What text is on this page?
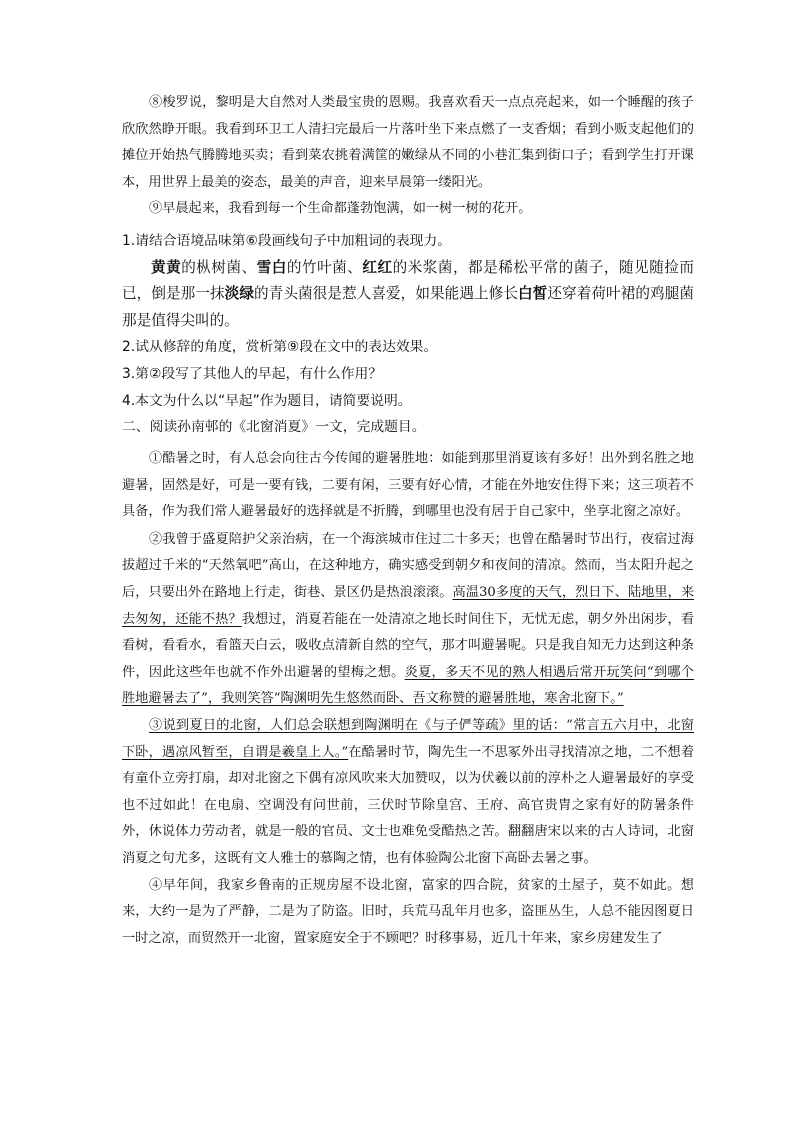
⑧梭罗说，黎明是大自然对人类最宝贵的恩赐。我喜欢看天一点点亮起来，如一个睡醒的孩子欣欣然睁开眼。我看到环卫工人清扫完最后一片落叶坐下来点燃了一支香烟；看到小贩支起他们的摊位开始热气腾腾地买卖；看到菜农挑着满筐的嫩绿从不同的小巷汇集到街口子；看到学生打开课本，用世界上最美的姿态，最美的声音，迎来早晨第一缕阳光。

⑨早晨起来，我看到每一个生命都蓬勃饱满，如一树一树的花开。

1.请结合语境品味第⑥段画线句子中加粗词的表现力。

黄黄的枞树菌、雪白的竹叶菌、红红的米浆菌，都是稀松平常的菌子，随见随捡而已，倒是那一抹淡绿的青头菌很是惹人喜爱，如果能遇上修长白皙还穿着荷叶裙的鸡腿菌那是值得尖叫的。

2.试从修辞的角度，赏析第⑨段在文中的表达效果。

3.第②段写了其他人的早起，有什么作用？

4.本文为什么以“早起”作为题目，请简要说明。

二、阅读孙南邨的《北窗消夏》一文，完成题目。

①酷暑之时，有人总会向往古今传闻的避暑胜地：如能到那里消夏该有多好！出外到名胜之地避暑，固然是好，可是一要有钱，二要有闲，三要有好心情，才能在外地安住得下来；这三项若不具备，作为我们常人避暑最好的选择就是不折腾，到哪里也没有居于自己家中，坐享北窗之凉好。

②我曾于盛夏陪护父亲治病，在一个海滨城市住过二十多天；也曾在酷暑时节出行，夜宿过海拔超过千米的“天然氧吧”高山，在这种地方，确实感受到朝夕和夜间的清凉。然而，当太阳升起之后，只要出外在路地上行走，街巷、景区仍是热浪滚滚。高温30多度的天气，烈日下、陆地里，来去匆匆，还能不热？我想过，消夏若能在一处清凉之地长时间住下，无忧无虑，朝夕外出闲步，看看树，看看水，看篮天白云，吸收点清新自然的空气，那才叫避暑呢。只是我自知无力达到这种条件，因此这些年也就不作外出避暑的望梅之想。炎夏，多天不见的熟人相遇后常开玩笑问“到哪个胜地避暑去了”，我则笑答“陶渊明先生悠然而卧、吾文称赞的避暑胜地，寒舍北窗下。”

③说到夏日的北窗，人们总会联想到陶渊明在《与子俨等疏》里的话：“常言五六月中，北窗下卧，遇凉风暂至，自谓是羲皇上人。”在酷暑时节，陶先生一不思冢外出寻找清凉之地，二不想着有童仆立旁打扇，却对北窗之下偶有凉风吹来大加赞叹，以为伏羲以前的淳朴之人避暑最好的享受也不过如此！在电扇、空调没有问世前，三伏时节除皇宫、王府、高官贵胄之家有好的防暑条件外，休说体力劳动者，就是一般的官员、文士也难免受酷热之苦。翻翻唐宋以来的古人诗词，北窗消夏之句尤多，这既有文人雅士的慕陶之情，也有体验陶公北窗下高卧去暑之事。

④早年间，我家乡鲁南的正规房屋不设北窗，富家的四合院，贫家的土屋子，莫不如此。想来，大约一是为了严静，二是为了防盗。旧时，兵荒马乱年月也多，盗匪丛生，人总不能因图夏日一时之凉，而贸然开一北窗，置家庭安全于不顾吧？时移事易，近几十年来，家乡房建发生了
